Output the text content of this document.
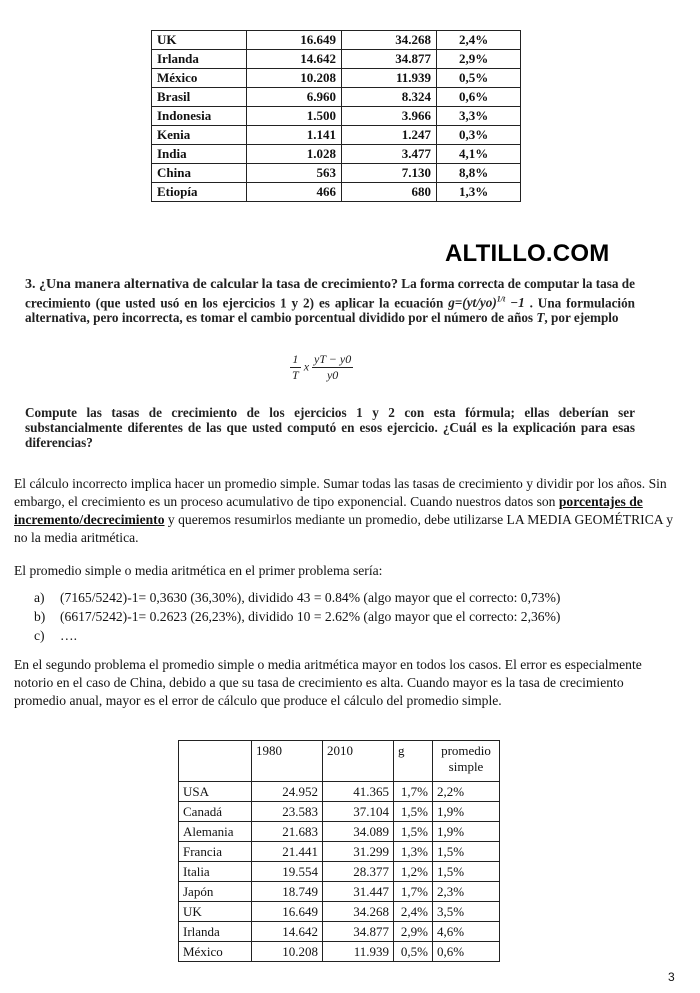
UK	16.649	34.268	2,4%
Irlanda	14.642	34.877	2,9%
México	10.208	11.939	0,5%
Brasil	6.960	8.324	0,6%
Indonesia	1.500	3.966	3,3%
Kenia	1.141	1.247	0,3%
India	1.028	3.477	4,1%
China	563	7.130	8,8%
Etiopía	466	680	1,3%
ALTILLO.COM
3. ¿Una manera alternativa de calcular la tasa de crecimiento? La forma correcta de computar la tasa de crecimiento (que usted usó en los ejercicios 1 y 2) es aplicar la ecuación $g=(yt/yo)^{1/t} -1$ . Una formulación alternativa, pero incorrecta, es tomar el cambio porcentual dividido por el número de años T, por ejemplo
$\frac{1}{T}$ x $\frac{yT - y0}{y0}$
Compute las tasas de crecimiento de los ejercicios 1 y 2 con esta fórmula; ellas deberían ser substancialmente diferentes de las que usted computó en esos ejercicio. ¿Cuál es la explicación para esas diferencias?
El cálculo incorrecto implica hacer un promedio simple. Sumar todas las tasas de crecimiento y dividir por los años. Sin embargo, el crecimiento es un proceso acumulativo de tipo exponencial. Cuando nuestros datos son porcentajes de incremento/decrecimiento y queremos resumirlos mediante un promedio, debe utilizarse LA MEDIA GEOMÉTRICA y no la media aritmética.
El promedio simple o media aritmética en el primer problema sería:
a) (7165/5242)-1= 0,3630 (36,30%), dividido 43 = 0.84% (algo mayor que el correcto: 0,73%)
b) (6617/5242)-1= 0.2623 (26,23%), dividido 10 = 2.62% (algo mayor que el correcto: 2,36%)
c) ….
En el segundo problema el promedio simple o media aritmética mayor en todos los casos. El error es especialmente notorio en el caso de China, debido a que su tasa de crecimiento es alta. Cuando mayor es la tasa de crecimiento promedio anual, mayor es el error de cálculo que produce el cálculo del promedio simple.
	1980	2010	g	promedio simple
USA	24.952	41.365	1,7%	2,2%
Canadá	23.583	37.104	1,5%	1,9%
Alemania	21.683	34.089	1,5%	1,9%
Francia	21.441	31.299	1,3%	1,5%
Italia	19.554	28.377	1,2%	1,5%
Japón	18.749	31.447	1,7%	2,3%
UK	16.649	34.268	2,4%	3,5%
Irlanda	14.642	34.877	2,9%	4,6%
México	10.208	11.939	0,5%	0,6%
3
